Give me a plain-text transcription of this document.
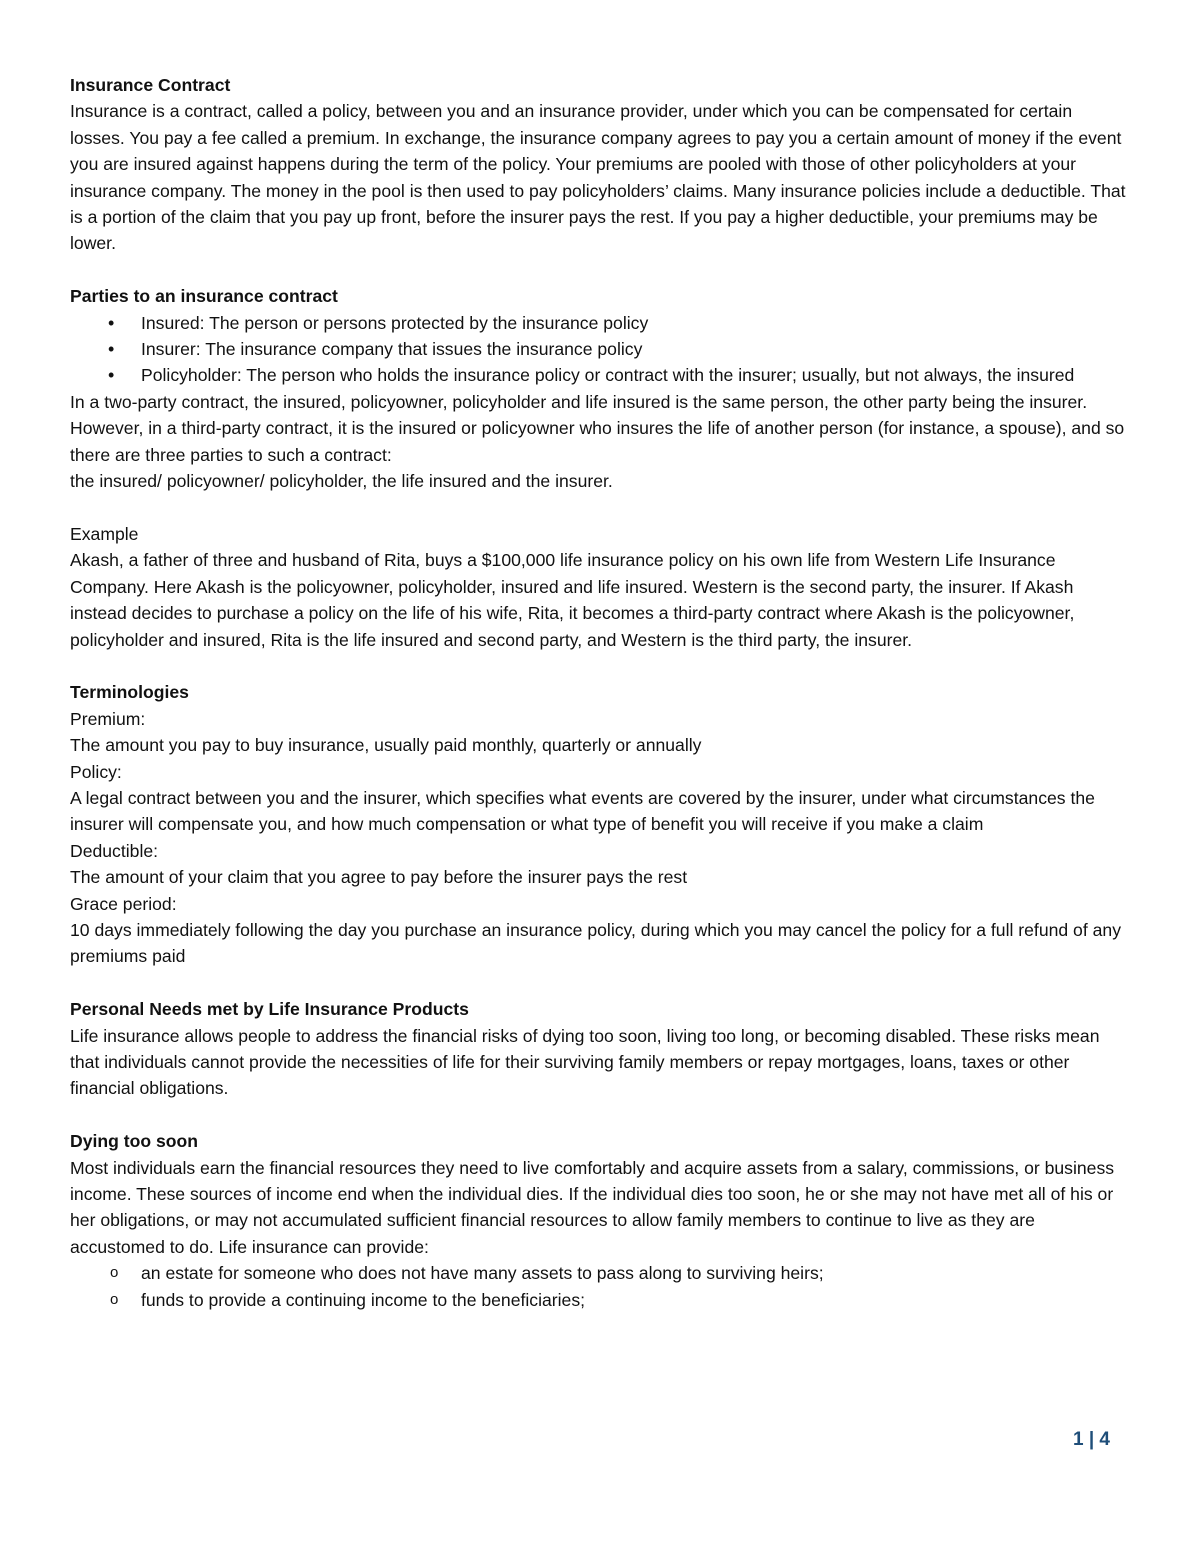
Insurance Contract

Insurance is a contract, called a policy, between you and an insurance provider, under which you can be compensated for certain losses. You pay a fee called a premium. In exchange, the insurance company agrees to pay you a certain amount of money if the event you are insured against happens during the term of the policy. Your premiums are pooled with those of other policyholders at your insurance company. The money in the pool is then used to pay policyholders’ claims. Many insurance policies include a deductible. That is a portion of the claim that you pay up front, before the insurer pays the rest. If you pay a higher deductible, your premiums may be lower.

Parties to an insurance contract

• Insured: The person or persons protected by the insurance policy
• Insurer: The insurance company that issues the insurance policy
• Policyholder: The person who holds the insurance policy or contract with the insurer; usually, but not always, the insured

In a two-party contract, the insured, policyowner, policyholder and life insured is the same person, the other party being the insurer.

However, in a third-party contract, it is the insured or policyowner who insures the life of another person (for instance, a spouse), and so there are three parties to such a contract:

the insured/ policyowner/ policyholder, the life insured and the insurer.

Example

Akash, a father of three and husband of Rita, buys a $100,000 life insurance policy on his own life from Western Life Insurance Company. Here Akash is the policyowner, policyholder, insured and life insured. Western is the second party, the insurer. If Akash instead decides to purchase a policy on the life of his wife, Rita, it becomes a third-party contract where Akash is the policyowner, policyholder and insured, Rita is the life insured and second party, and Western is the third party, the insurer.

Terminologies

Premium:

The amount you pay to buy insurance, usually paid monthly, quarterly or annually

Policy:

A legal contract between you and the insurer, which specifies what events are covered by the insurer, under what circumstances the insurer will compensate you, and how much compensation or what type of benefit you will receive if you make a claim

Deductible:

The amount of your claim that you agree to pay before the insurer pays the rest

Grace period:

10 days immediately following the day you purchase an insurance policy, during which you may cancel the policy for a full refund of any premiums paid

Personal Needs met by Life Insurance Products

Life insurance allows people to address the financial risks of dying too soon, living too long, or becoming disabled. These risks mean that individuals cannot provide the necessities of life for their surviving family members or repay mortgages, loans, taxes or other financial obligations.

Dying too soon

Most individuals earn the financial resources they need to live comfortably and acquire assets from a salary, commissions, or business income. These sources of income end when the individual dies. If the individual dies too soon, he or she may not have met all of his or her obligations, or may not accumulated sufficient financial resources to allow family members to continue to live as they are accustomed to do. Life insurance can provide:

o an estate for someone who does not have many assets to pass along to surviving heirs;
o funds to provide a continuing income to the beneficiaries;
1 | 4
